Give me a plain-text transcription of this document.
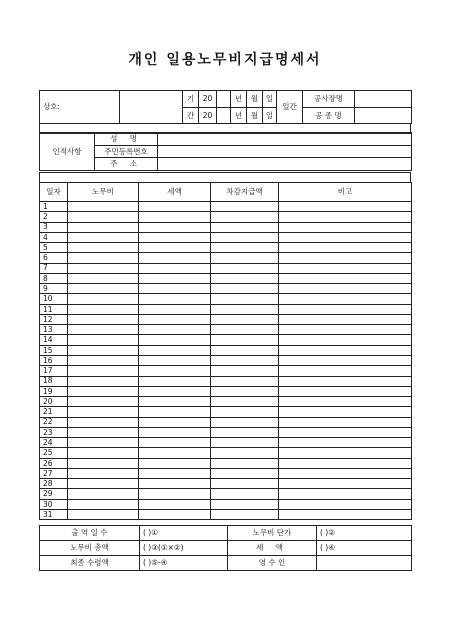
개인 일용노무비지급명세서
상호:		기	20		년	월	일	일간	공사장명	
		간	20		년	월	일		공 종 명	
인적사항	성 명	
	주민등록번호	
	주 소	
일자	노무비	세액	차감지급액	비고
1				
2				
3				
4				
5				
6				
7				
8				
9				
10				
11				
12				
13				
14				
15				
16				
17				
18				
19				
20				
21				
22				
23				
24				
25				
26				
27				
28				
29				
30				
31				
출 역 일 수	( )①	노무비 단가	( )②
노무비 총액	( )③(①×②)	세 액	( )④
최종 수령액	( )⑤-④	영 수 인	
